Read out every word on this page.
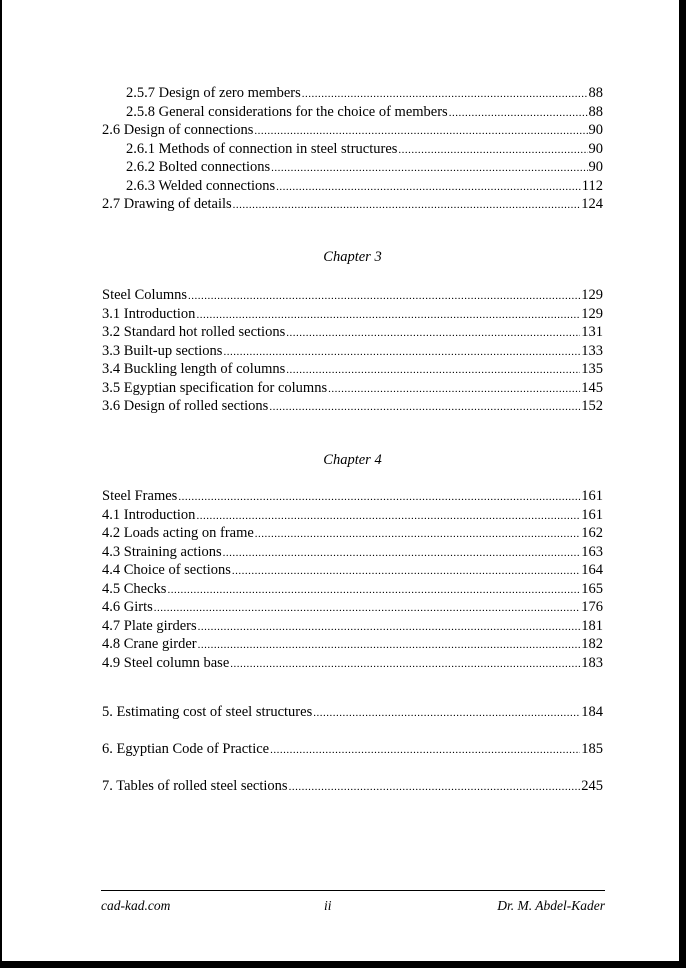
2.5.7 Design of zero members .....	88
2.5.8 General considerations for the choice of members .....	88
2.6 Design of connections .....	90
2.6.1 Methods of connection in steel structures .....	90
2.6.2 Bolted connections .....	90
2.6.3 Welded connections .....	112
2.7 Drawing of details .....	124
Chapter 3
Steel Columns .....	129
3.1 Introduction .....	129
3.2 Standard hot rolled sections .....	131
3.3 Built-up sections .....	133
3.4 Buckling length of columns .....	135
3.5 Egyptian specification for columns .....	145
3.6 Design of rolled sections .....	152
Chapter 4
Steel Frames .....	161
4.1 Introduction .....	161
4.2 Loads acting on frame .....	162
4.3 Straining actions .....	163
4.4 Choice of sections .....	164
4.5 Checks .....	165
4.6 Girts .....	176
4.7 Plate girders .....	181
4.8 Crane girder .....	182
4.9 Steel column base .....	183
5. Estimating cost of steel structures .....	184
6. Egyptian Code of Practice .....	185
7. Tables of rolled steel sections .....	245
cad-kad.com	ii	Dr. M. Abdel-Kader
